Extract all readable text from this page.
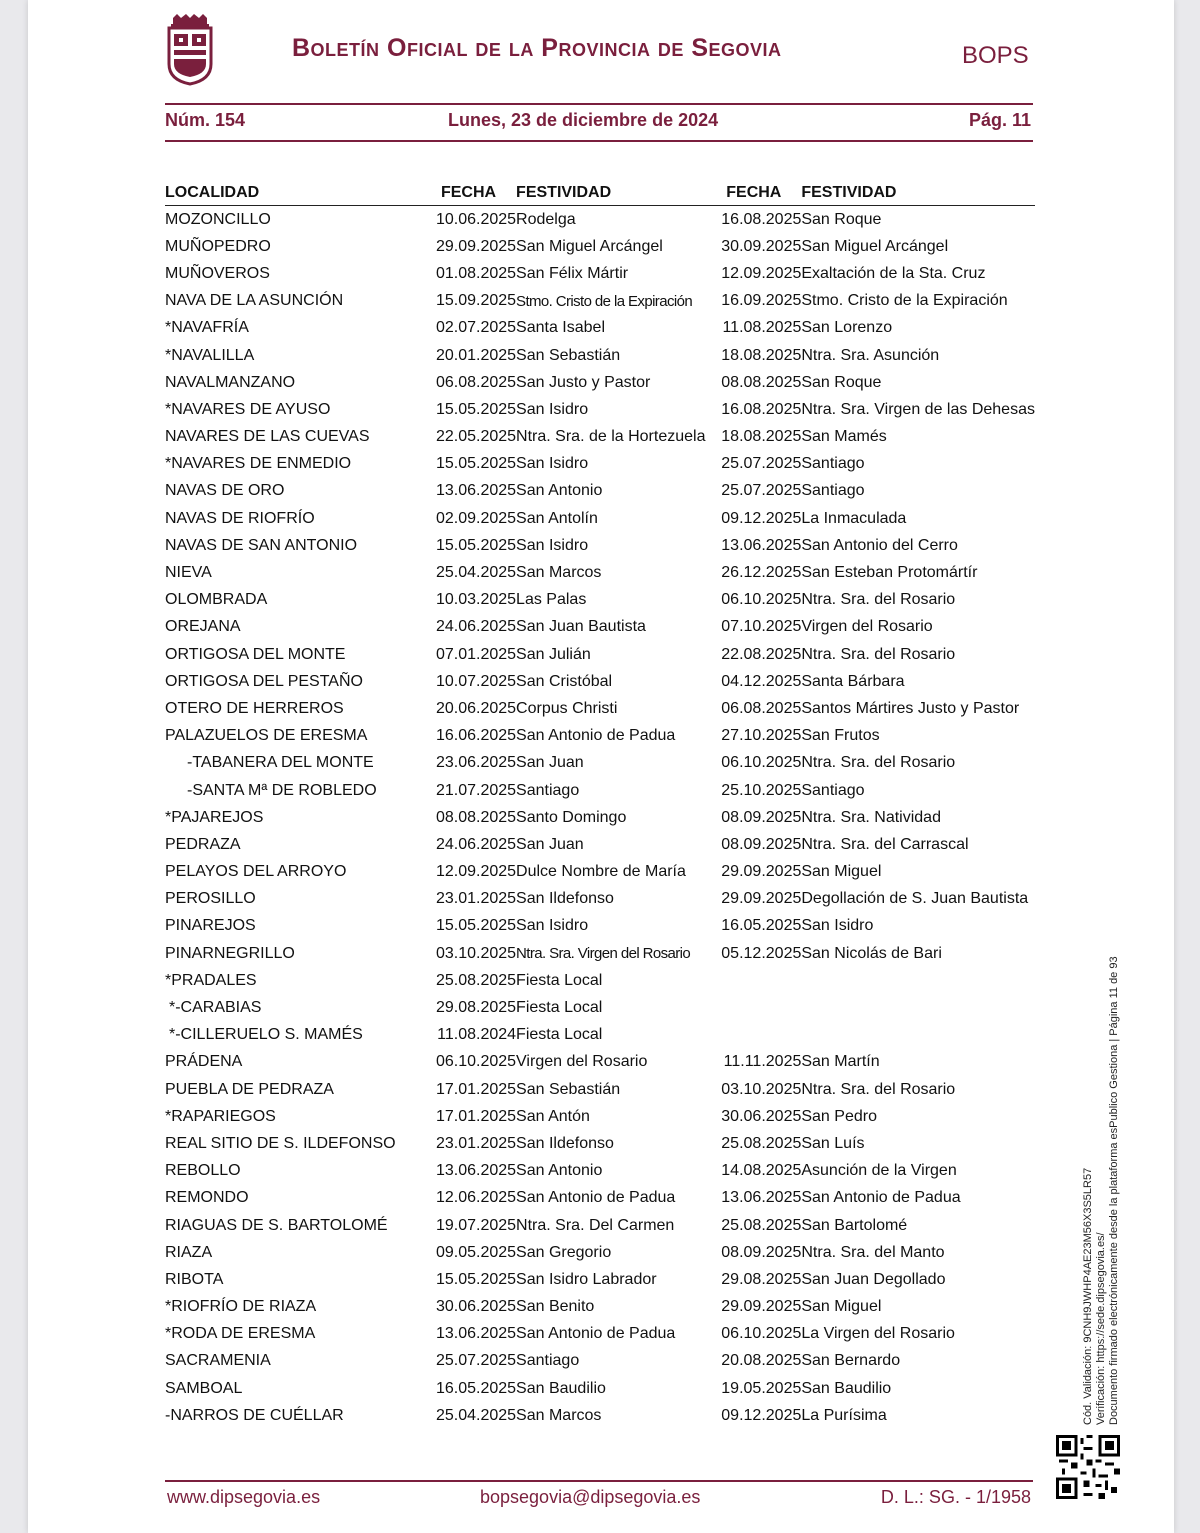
Boletín Oficial de la Provincia de Segovia	BOPS
Núm. 154	Lunes, 23 de diciembre de 2024	Pág. 11
LOCALIDAD	FECHA	FESTIVIDAD	FECHA	FESTIVIDAD
MOZONCILLO	10.06.2025	Rodelga	16.08.2025	San Roque
MUÑOPEDRO	29.09.2025	San Miguel Arcángel	30.09.2025	San Miguel Arcángel
MUÑOVEROS	01.08.2025	San Félix Mártir	12.09.2025	Exaltación de la Sta. Cruz
NAVA DE LA ASUNCIÓN	15.09.2025	Stmo. Cristo de la Expiración	16.09.2025	Stmo. Cristo de la Expiración
*NAVAFRÍA	02.07.2025	Santa Isabel	11.08.2025	San Lorenzo
*NAVALILLA	20.01.2025	San Sebastián	18.08.2025	Ntra. Sra. Asunción
NAVALMANZANO	06.08.2025	San Justo y Pastor	08.08.2025	San Roque
*NAVARES DE AYUSO	15.05.2025	San Isidro	16.08.2025	Ntra. Sra. Virgen de las Dehesas
NAVARES DE LAS CUEVAS	22.05.2025	Ntra. Sra. de la Hortezuela	18.08.2025	San Mamés
*NAVARES DE ENMEDIO	15.05.2025	San Isidro	25.07.2025	Santiago
NAVAS DE ORO	13.06.2025	San Antonio	25.07.2025	Santiago
NAVAS DE RIOFRÍO	02.09.2025	San Antolín	09.12.2025	La Inmaculada
NAVAS DE SAN ANTONIO	15.05.2025	San Isidro	13.06.2025	San Antonio del Cerro
NIEVA	25.04.2025	San Marcos	26.12.2025	San Esteban Protomártír
OLOMBRADA	10.03.2025	Las Palas	06.10.2025	Ntra. Sra. del Rosario
OREJANA	24.06.2025	San Juan Bautista	07.10.2025	Virgen del Rosario
ORTIGOSA DEL MONTE	07.01.2025	San Julián	22.08.2025	Ntra. Sra. del Rosario
ORTIGOSA DEL PESTAÑO	10.07.2025	San Cristóbal	04.12.2025	Santa Bárbara
OTERO DE HERREROS	20.06.2025	Corpus Christi	06.08.2025	Santos Mártires Justo y Pastor
PALAZUELOS DE ERESMA	16.06.2025	San Antonio de Padua	27.10.2025	San Frutos
-TABANERA DEL MONTE	23.06.2025	San Juan	06.10.2025	Ntra. Sra. del Rosario
-SANTA Mª DE ROBLEDO	21.07.2025	Santiago	25.10.2025	Santiago
*PAJAREJOS	08.08.2025	Santo Domingo	08.09.2025	Ntra. Sra. Natividad
PEDRAZA	24.06.2025	San Juan	08.09.2025	Ntra. Sra. del Carrascal
PELAYOS DEL ARROYO	12.09.2025	Dulce Nombre de María	29.09.2025	San Miguel
PEROSILLO	23.01.2025	San Ildefonso	29.09.2025	Degollación de S. Juan Bautista
PINAREJOS	15.05.2025	San Isidro	16.05.2025	San Isidro
PINARNEGRILLO	03.10.2025	Ntra. Sra. Virgen del Rosario	05.12.2025	San Nicolás de Bari
*PRADALES	25.08.2025	Fiesta Local		
*-CARABIAS	29.08.2025	Fiesta Local		
*-CILLERUELO S. MAMÉS	11.08.2024	Fiesta Local		
PRÁDENA	06.10.2025	Virgen del Rosario	11.11.2025	San Martín
PUEBLA DE PEDRAZA	17.01.2025	San Sebastián	03.10.2025	Ntra. Sra. del Rosario
*RAPARIEGOS	17.01.2025	San Antón	30.06.2025	San Pedro
REAL SITIO DE S. ILDEFONSO	23.01.2025	San Ildefonso	25.08.2025	San Luís
REBOLLO	13.06.2025	San Antonio	14.08.2025	Asunción de la Virgen
REMONDO	12.06.2025	San Antonio de Padua	13.06.2025	San Antonio de Padua
RIAGUAS DE S. BARTOLOMÉ	19.07.2025	Ntra. Sra. Del Carmen	25.08.2025	San Bartolomé
RIAZA	09.05.2025	San Gregorio	08.09.2025	Ntra. Sra. del Manto
RIBOTA	15.05.2025	San Isidro Labrador	29.08.2025	San Juan Degollado
*RIOFRÍO DE RIAZA	30.06.2025	San Benito	29.09.2025	San Miguel
*RODA DE ERESMA	13.06.2025	San Antonio de Padua	06.10.2025	La Virgen del Rosario
SACRAMENIA	25.07.2025	Santiago	20.08.2025	San Bernardo
SAMBOAL	16.05.2025	San Baudilio	19.05.2025	San Baudilio
-NARROS DE CUÉLLAR	25.04.2025	San Marcos	09.12.2025	La Purísima	Cód. Validación: 9CNH9JWHP4AE23M56X3S5LR57 Verificación: https://sede.dipsegovia.es/ Documento firmado electrónicamente desde la plataforma esPublico Gestiona | Página 11 de 93
www.dipsegovia.es	bopsegovia@dipsegovia.es	D. L.: SG. - 1/1958
